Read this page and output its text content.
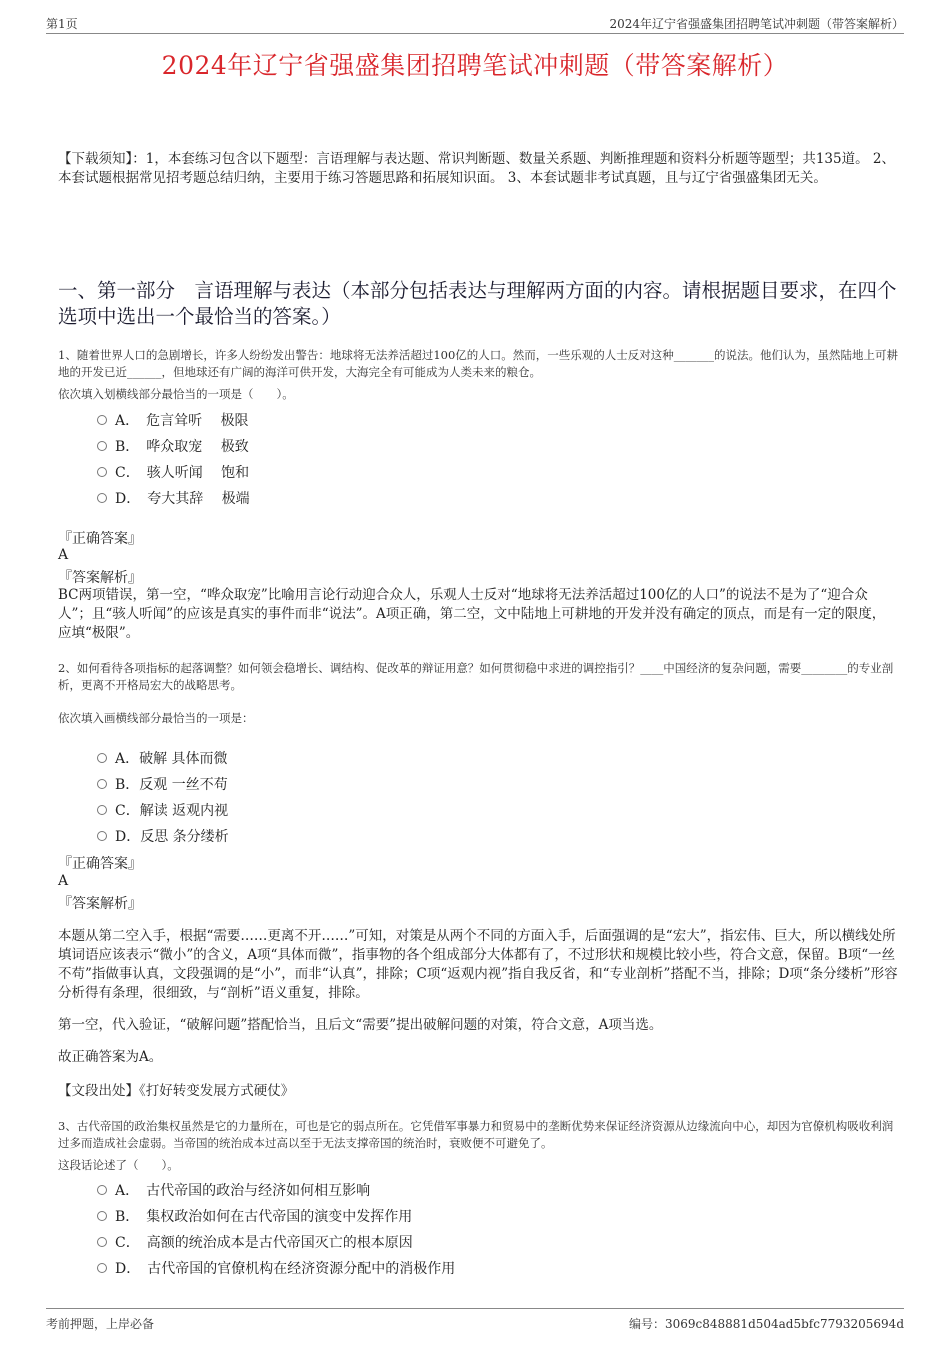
第1页	2024年辽宁省强盛集团招聘笔试冲刺题（带答案解析）
2024年辽宁省强盛集团招聘笔试冲刺题（带答案解析）
【下载须知】：1，本套练习包含以下题型：言语理解与表达题、常识判断题、数量关系题、判断推理题和资料分析题等题型；共135道。 2、本套试题根据常见招考题总结归纳，主要用于练习答题思路和拓展知识面。 3、本套试题非考试真题，且与辽宁省强盛集团无关。
一、第一部分　言语理解与表达（本部分包括表达与理解两方面的内容。请根据题目要求，在四个选项中选出一个最恰当的答案。）
1、随着世界人口的急剧增长，许多人纷纷发出警告：地球将无法养活超过100亿的人口。然而，一些乐观的人士反对这种_______的说法。他们认为，虽然陆地上可耕地的开发已近______，但地球还有广阔的海洋可供开发，大海完全有可能成为人类未来的粮仓。
依次填入划横线部分最恰当的一项是（　　）。
A．　危言耸听　 极限
B．　哗众取宠　 极致
C．　骇人听闻　 饱和
D．　夸大其辞　 极端
『正确答案』
A
『答案解析』
BC两项错误，第一空，“哗众取宠”比喻用言论行动迎合众人，乐观人士反对“地球将无法养活超过100亿的人口”的说法不是为了“迎合众人”；且“骇人听闻”的应该是真实的事件而非“说法”。A项正确，第二空，文中陆地上可耕地的开发并没有确定的顶点，而是有一定的限度，应填“极限”。
2、如何看待各项指标的起落调整？如何领会稳增长、调结构、促改革的辩证用意？如何贯彻稳中求进的调控指引？____中国经济的复杂问题，需要________的专业剖析，更离不开格局宏大的战略思考。
依次填入画横线部分最恰当的一项是：
A．破解 具体而微
B．反观 一丝不苟
C．解读 返观内视
D．反思 条分缕析
『正确答案』
A
『答案解析』
本题从第二空入手，根据“需要……更离不开……”可知，对策是从两个不同的方面入手，后面强调的是“宏大”，指宏伟、巨大，所以横线处所填词语应该表示“微小”的含义，A项“具体而微”，指事物的各个组成部分大体都有了，不过形状和规模比较小些，符合文意，保留。B项“一丝不苟”指做事认真，文段强调的是“小”，而非“认真”，排除；C项“返观内视”指自我反省，和“专业剖析”搭配不当，排除；D项“条分缕析”形容分析得有条理，很细致，与“剖析”语义重复，排除。
第一空，代入验证，“破解问题”搭配恰当，且后文“需要”提出破解问题的对策，符合文意，A项当选。
故正确答案为A。
【文段出处】《打好转变发展方式硬仗》
3、古代帝国的政治集权虽然是它的力量所在，可也是它的弱点所在。它凭借军事暴力和贸易中的垄断优势来保证经济资源从边缘流向中心，却因为官僚机构吸收利润过多而造成社会虚弱。当帝国的统治成本过高以至于无法支撑帝国的统治时，衰败便不可避免了。
这段话论述了（　　）。
A．　古代帝国的政治与经济如何相互影响
B．　集权政治如何在古代帝国的演变中发挥作用
C．　高额的统治成本是古代帝国灭亡的根本原因
D．　古代帝国的官僚机构在经济资源分配中的消极作用
考前押题，上岸必备	编号：3069c848881d504ad5bfc7793205694d
